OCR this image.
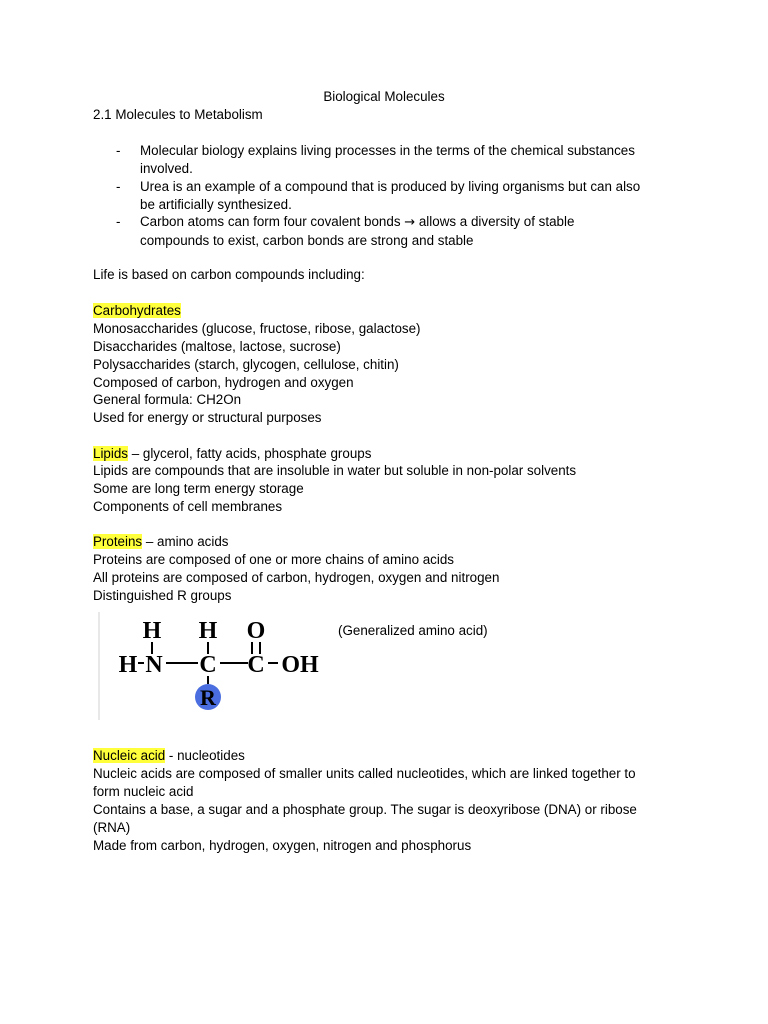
Biological Molecules
2.1 Molecules to Metabolism
- Molecular biology explains living processes in the terms of the chemical substances
involved.
- Urea is an example of a compound that is produced by living organisms but can also
be artificially synthesized.
- Carbon atoms can form four covalent bonds → allows a diversity of stable
compounds to exist, carbon bonds are strong and stable
Life is based on carbon compounds including:
Carbohydrates
Monosaccharides (glucose, fructose, ribose, galactose)
Disaccharides (maltose, lactose, sucrose)
Polysaccharides (starch, glycogen, cellulose, chitin)
Composed of carbon, hydrogen and oxygen
General formula: CH2On
Used for energy or structural purposes
Lipids – glycerol, fatty acids, phosphate groups
Lipids are compounds that are insoluble in water but soluble in non-polar solvents
Some are long term energy storage
Components of cell membranes
Proteins – amino acids
Proteins are composed of one or more chains of amino acids
All proteins are composed of carbon, hydrogen, oxygen and nitrogen
Distinguished R groups
H H O
H N C C OH
R
(Generalized amino acid)
Nucleic acid - nucleotides
Nucleic acids are composed of smaller units called nucleotides, which are linked together to
form nucleic acid
Contains a base, a sugar and a phosphate group. The sugar is deoxyribose (DNA) or ribose
(RNA)
Made from carbon, hydrogen, oxygen, nitrogen and phosphorus
